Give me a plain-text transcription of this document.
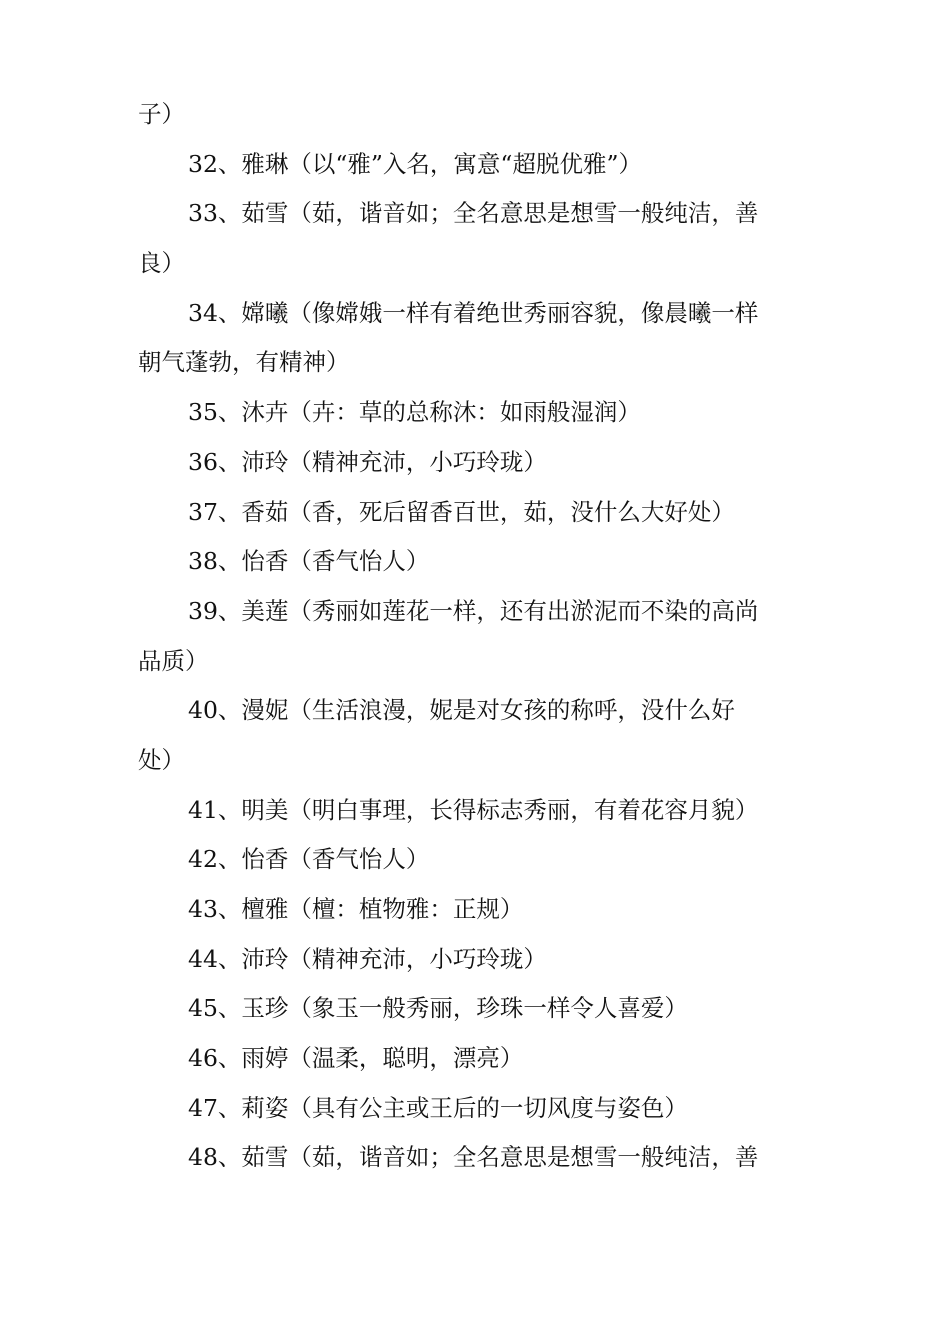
子）
32、雅琳（以“雅”入名，寓意“超脱优雅”）
33、茹雪（茹，谐音如；全名意思是想雪一般纯洁，善
良）
34、嫦曦（像嫦娥一样有着绝世秀丽容貌，像晨曦一样
朝气蓬勃，有精神）
35、沐卉（卉：草的总称沐：如雨般湿润）
36、沛玲（精神充沛，小巧玲珑）
37、香茹（香，死后留香百世，茹，没什么大好处）
38、怡香（香气怡人）
39、美莲（秀丽如莲花一样，还有出淤泥而不染的高尚
品质）
40、漫妮（生活浪漫，妮是对女孩的称呼，没什么好
处）
41、明美（明白事理，长得标志秀丽，有着花容月貌）
42、怡香（香气怡人）
43、檀雅（檀：植物雅：正规）
44、沛玲（精神充沛，小巧玲珑）
45、玉珍（象玉一般秀丽，珍珠一样令人喜爱）
46、雨婷（温柔，聪明，漂亮）
47、莉姿（具有公主或王后的一切风度与姿色）
48、茹雪（茹，谐音如；全名意思是想雪一般纯洁，善
